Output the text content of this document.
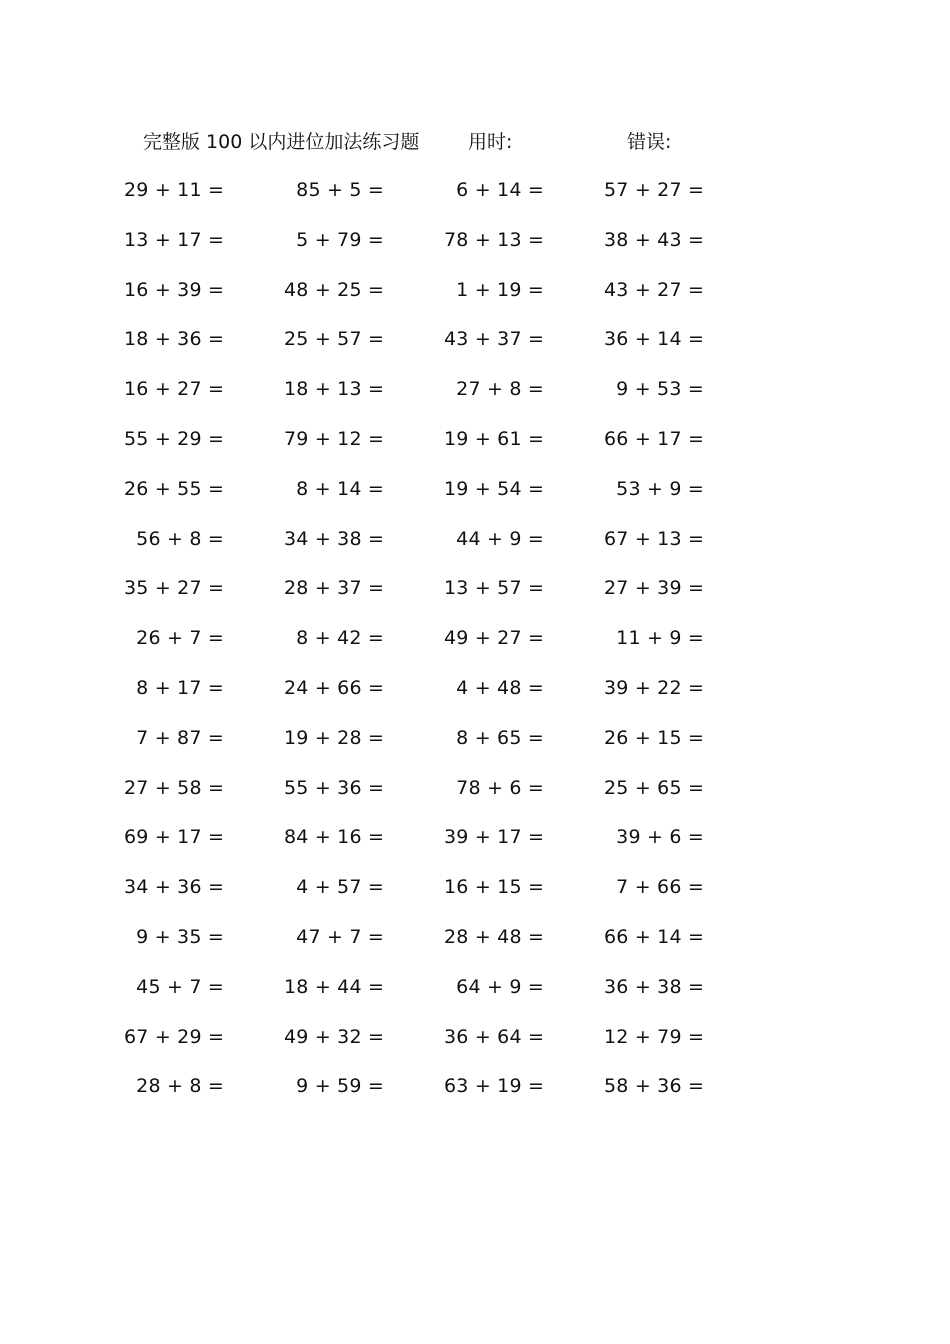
完整版 100 以内进位加法练习题	用时:	错误:
29 + 11 =	85 + 5 =	6 + 14 =	57 + 27 =
13 + 17 =	5 + 79 =	78 + 13 =	38 + 43 =
16 + 39 =	48 + 25 =	1 + 19 =	43 + 27 =
18 + 36 =	25 + 57 =	43 + 37 =	36 + 14 =
16 + 27 =	18 + 13 =	27 + 8 =	9 + 53 =
55 + 29 =	79 + 12 =	19 + 61 =	66 + 17 =
26 + 55 =	8 + 14 =	19 + 54 =	53 + 9 =
56 + 8 =	34 + 38 =	44 + 9 =	67 + 13 =
35 + 27 =	28 + 37 =	13 + 57 =	27 + 39 =
26 + 7 =	8 + 42 =	49 + 27 =	11 + 9 =
8 + 17 =	24 + 66 =	4 + 48 =	39 + 22 =
7 + 87 =	19 + 28 =	8 + 65 =	26 + 15 =
27 + 58 =	55 + 36 =	78 + 6 =	25 + 65 =
69 + 17 =	84 + 16 =	39 + 17 =	39 + 6 =
34 + 36 =	4 + 57 =	16 + 15 =	7 + 66 =
9 + 35 =	47 + 7 =	28 + 48 =	66 + 14 =
45 + 7 =	18 + 44 =	64 + 9 =	36 + 38 =
67 + 29 =	49 + 32 =	36 + 64 =	12 + 79 =
28 + 8 =	9 + 59 =	63 + 19 =	58 + 36 =
